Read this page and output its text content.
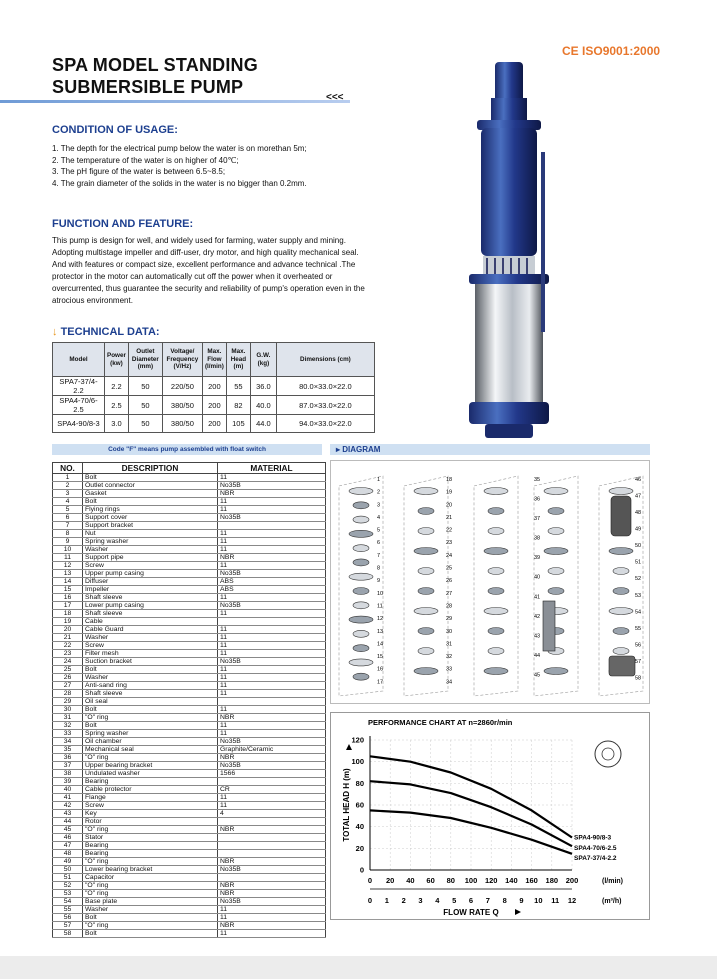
SPA MODEL STANDING
SUBMERSIBLE PUMP
<<<
CE ISO9001:2000
CONDITION OF USAGE:
1. The depth for the electrical pump below the water is on morethan 5m;
2. The temperature of the water is on higher of 40℃;
3. The pH figure of the water is between 6.5~8.5;
4. The grain diameter of the solids in the water is no bigger than 0.2mm.
FUNCTION AND FEATURE:

This pump is design for well, and widely used for farming, water supply and mining. Adopting multistage impeller and diff-user, dry motor, and high quality mechanical seal. And with features or compact size, excellent performance and advance technical .The protector in the motor can automatically cut off the power when it overheated or overcurrented, thus guarantee the security and reliability of pump's operation even in the atrocious environment.

↓ TECHNICAL DATA:
Model	Power (kw)	Outlet Diameter (mm)	Voltage/ Frequency (V/Hz)	Max. Flow (l/min)	Max. Head (m)	G.W. (kg)	Dimensions (cm)
SPA7-37/4-2.2	2.2	50	220/50	200	55	36.0	80.0×33.0×22.0
SPA4-70/6-2.5	2.5	50	380/50	200	82	40.0	87.0×33.0×22.0
SPA4-90/8-3	3.0	50	380/50	200	105	44.0	94.0×33.0×22.0
Code "F" means pump assembled with float switch	▸ DIAGRAM
NO.	DESCRIPTION	MATERIAL
1	Bolt	11
2	Outlet connector	No35B
3	Gasket	NBR
4	Bolt	11
5	Flying rings	11
6	Support cover	No35B
7	Support bracket	
8	Nut	11
9	Spring washer	11
10	Washer	11
11	Support pipe	NBR
12	Screw	11
13	Upper pump casing	No35B
14	Diffuser	ABS
15	Impeller	ABS
16	Shaft sleeve	11
17	Lower pump casing	No35B
18	Shaft sleeve	11
19	Cable	
20	Cable Guard	11
21	Washer	11
22	Screw	11
23	Filter mesh	11
24	Suction bracket	No35B
25	Bolt	11
26	Washer	11
27	Anti-sand ring	11
28	Shaft sleeve	11
29	Oil seal	
30	Bolt	11
31	"O" ring	NBR
32	Bolt	11
33	Spring washer	11
34	Oil chamber	No35B
35	Mechanical seal	Graphite/Ceramic
36	"O" ring	NBR
37	Upper bearing bracket	No35B
38	Undulated washer	1566
39	Bearing	
40	Cable protector	CR
41	Flange	11
42	Screw	11
43	Key	4
44	Rotor	
45	"O" ring	NBR
46	Stator	
47	Bearing	
48	Bearing	
49	"O" ring	NBR
50	Lower bearing bracket	No35B
51	Capacitor	
52	"O" ring	NBR
53	"O" ring	NBR
54	Base plate	No35B
55	Washer	11
56	Bolt	11
57	"O" ring	NBR
58	Bolt	11
1
2
3
4
5
6
7
8
9
10
11
12
13
14
15
16
17
18
19
20
21
22
23
24
25
26
27
28
29
30
31
32
33
34
35
36
37
38
39
40
41
42
43
44
45
46
47
48
49
50
51
52
53
54
55
56
57
58
PERFORMANCE CHART AT n=2860r/min
0
20
40
60
80
100
120
0 20 40 60 80 100 120 140 160 180 200
0 1 2 3 4 5 6 7 8 9 10 11 12
(l/min)
(m³/h)
FLOW RATE Q
TOTAL HEAD H (m)	SPA4-90/8-3
SPA4-70/6-2.5
SPA7-37/4-2.2
